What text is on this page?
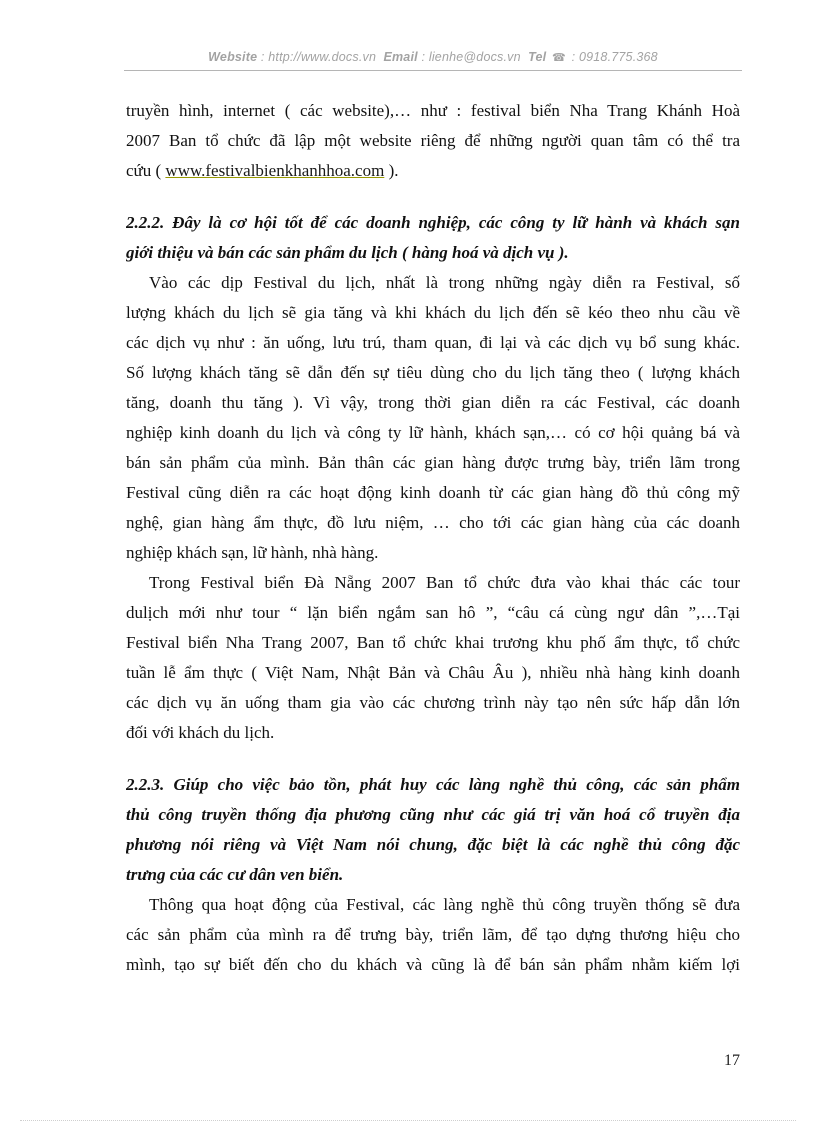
Website : http://www.docs.vn Email : lienhe@docs.vn Tel ☎ : 0918.775.368
truyền hình, internet ( các website),… như : festival biển Nha Trang Khánh Hoà
2007 Ban tổ chức đã lập một website riêng để những người quan tâm có thể tra
cứu ( www.festivalbienkhanhhoa.com ).
2.2.2. Đây là cơ hội tốt để các doanh nghiệp, các công ty lữ hành và khách sạn
giới thiệu và bán các sản phẩm du lịch ( hàng hoá và dịch vụ ).
Vào các dịp Festival du lịch, nhất là trong những ngày diễn ra Festival, số
lượng khách du lịch sẽ gia tăng và khi khách du lịch đến sẽ kéo theo nhu cầu về
các dịch vụ như : ăn uống, lưu trú, tham quan, đi lại và các dịch vụ bổ sung khác.
Số lượng khách tăng sẽ dẫn đến sự tiêu dùng cho du lịch tăng theo ( lượng khách
tăng, doanh thu tăng ). Vì vậy, trong thời gian diễn ra các Festival, các doanh
nghiệp kinh doanh du lịch và công ty lữ hành, khách sạn,… có cơ hội quảng bá và
bán sản phẩm của mình. Bản thân các gian hàng được trưng bày, triển lãm trong
Festival cũng diễn ra các hoạt động kinh doanh từ các gian hàng đồ thủ công mỹ
nghệ, gian hàng ẩm thực, đồ lưu niệm, … cho tới các gian hàng của các doanh
nghiệp khách sạn, lữ hành, nhà hàng.
Trong Festival biển Đà Nẵng 2007 Ban tổ chức đưa vào khai thác các tour
dulịch mới như tour “ lặn biển ngắm san hô ”, “câu cá cùng ngư dân ”,…Tại
Festival biển Nha Trang 2007, Ban tổ chức khai trương khu phố ẩm thực, tổ chức
tuần lễ ẩm thực ( Việt Nam, Nhật Bản và Châu Âu ), nhiều nhà hàng kinh doanh
các dịch vụ ăn uống tham gia vào các chương trình này tạo nên sức hấp dẫn lớn
đối với khách du lịch.
2.2.3. Giúp cho việc bảo tồn, phát huy các làng nghề thủ công, các sản phẩm
thủ công truyền thống địa phương cũng như các giá trị văn hoá cổ truyền địa
phương nói riêng và Việt Nam nói chung, đặc biệt là các nghề thủ công đặc
trưng của các cư dân ven biển.
Thông qua hoạt động của Festival, các làng nghề thủ công truyền thống sẽ đưa
các sản phẩm của mình ra để trưng bày, triển lãm, để tạo dựng thương hiệu cho
mình, tạo sự biết đến cho du khách và cũng là để bán sản phẩm nhằm kiếm lợi
17
